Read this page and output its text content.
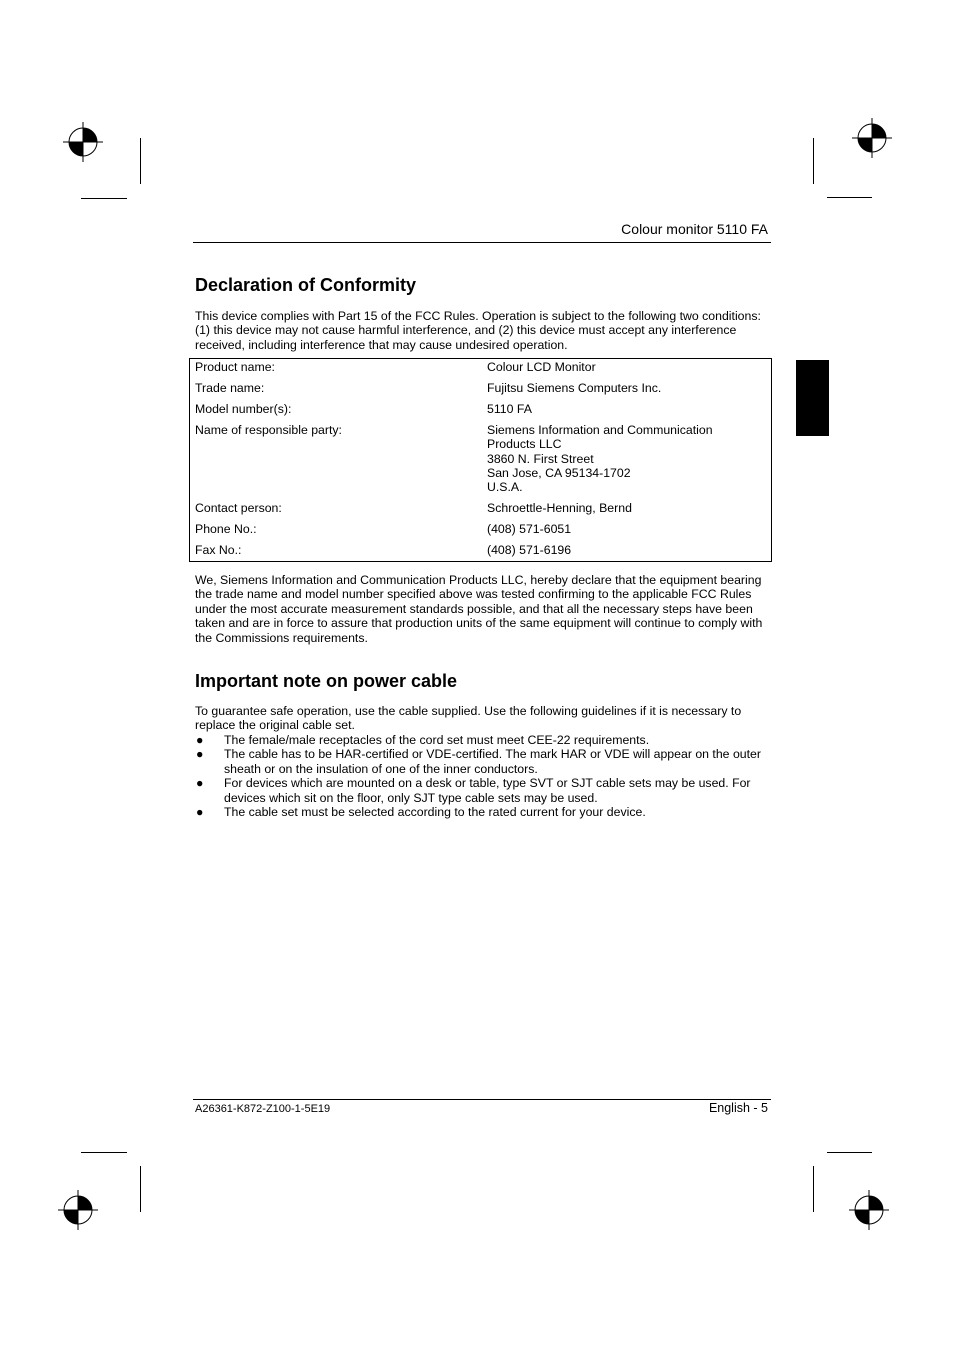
Colour monitor 5110 FA
Declaration of Conformity

This device complies with Part 15 of the FCC Rules. Operation is subject to the following two conditions: (1) this device may not cause harmful interference, and (2) this device must accept any interference received, including interference that may cause undesired operation.

Product name:	Colour LCD Monitor
Trade name:	Fujitsu Siemens Computers Inc.
Model number(s):	5110 FA
Name of responsible party:	Siemens Information and Communication
Products LLC
3860 N. First Street
San Jose, CA 95134-1702
U.S.A.
Contact person:	Schroettle-Henning, Bernd
Phone No.:	(408) 571-6051
Fax No.:	(408) 571-6196

We, Siemens Information and Communication Products LLC, hereby declare that the equipment bearing the trade name and model number specified above was tested confirming to the applicable FCC Rules under the most accurate measurement standards possible, and that all the necessary steps have been taken and are in force to assure that production units of the same equipment will continue to comply with the Commissions requirements.

Important note on power cable

To guarantee safe operation, use the cable supplied. Use the following guidelines if it is necessary to replace the original cable set.

● The female/male receptacles of the cord set must meet CEE-22 requirements.
● The cable has to be HAR-certified or VDE-certified. The mark HAR or VDE will appear on the outer sheath or on the insulation of one of the inner conductors.
● For devices which are mounted on a desk or table, type SVT or SJT cable sets may be used. For devices which sit on the floor, only SJT type cable sets may be used.
● The cable set must be selected according to the rated current for your device.
A26361-K872-Z100-1-5E19	English - 5
